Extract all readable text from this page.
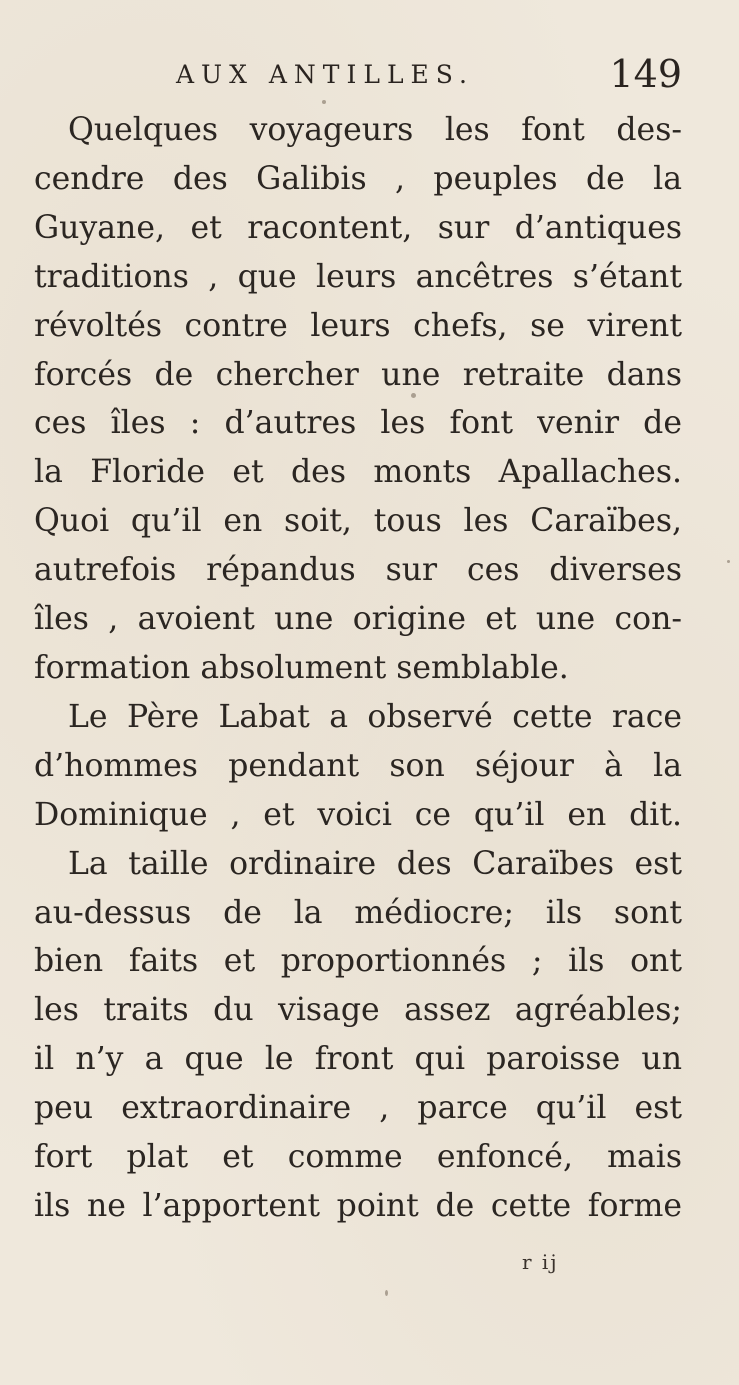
AUX ANTILLES.	149
Quelques voyageurs les font des-
cendre des Galibis , peuples de la
Guyane, et racontent, sur d’antiques
traditions , que leurs ancêtres s’étant
révoltés contre leurs chefs, se virent
forcés de chercher une retraite dans
ces îles : d’autres les font venir de
la Floride et des monts Apallaches.
Quoi qu’il en soit, tous les Caraïbes,
autrefois répandus sur ces diverses
îles , avoient une origine et une con-
formation absolument semblable.
Le Père Labat a observé cette race
d’hommes pendant son séjour à la
Dominique , et voici ce qu’il en dit.
La taille ordinaire des Caraïbes est
au-dessus de la médiocre; ils sont
bien faits et proportionnés ; ils ont
les traits du visage assez agréables;
il n’y a que le front qui paroisse un
peu extraordinaire , parce qu’il est
fort plat et comme enfoncé, mais
ils ne l’apportent point de cette forme
r ij
